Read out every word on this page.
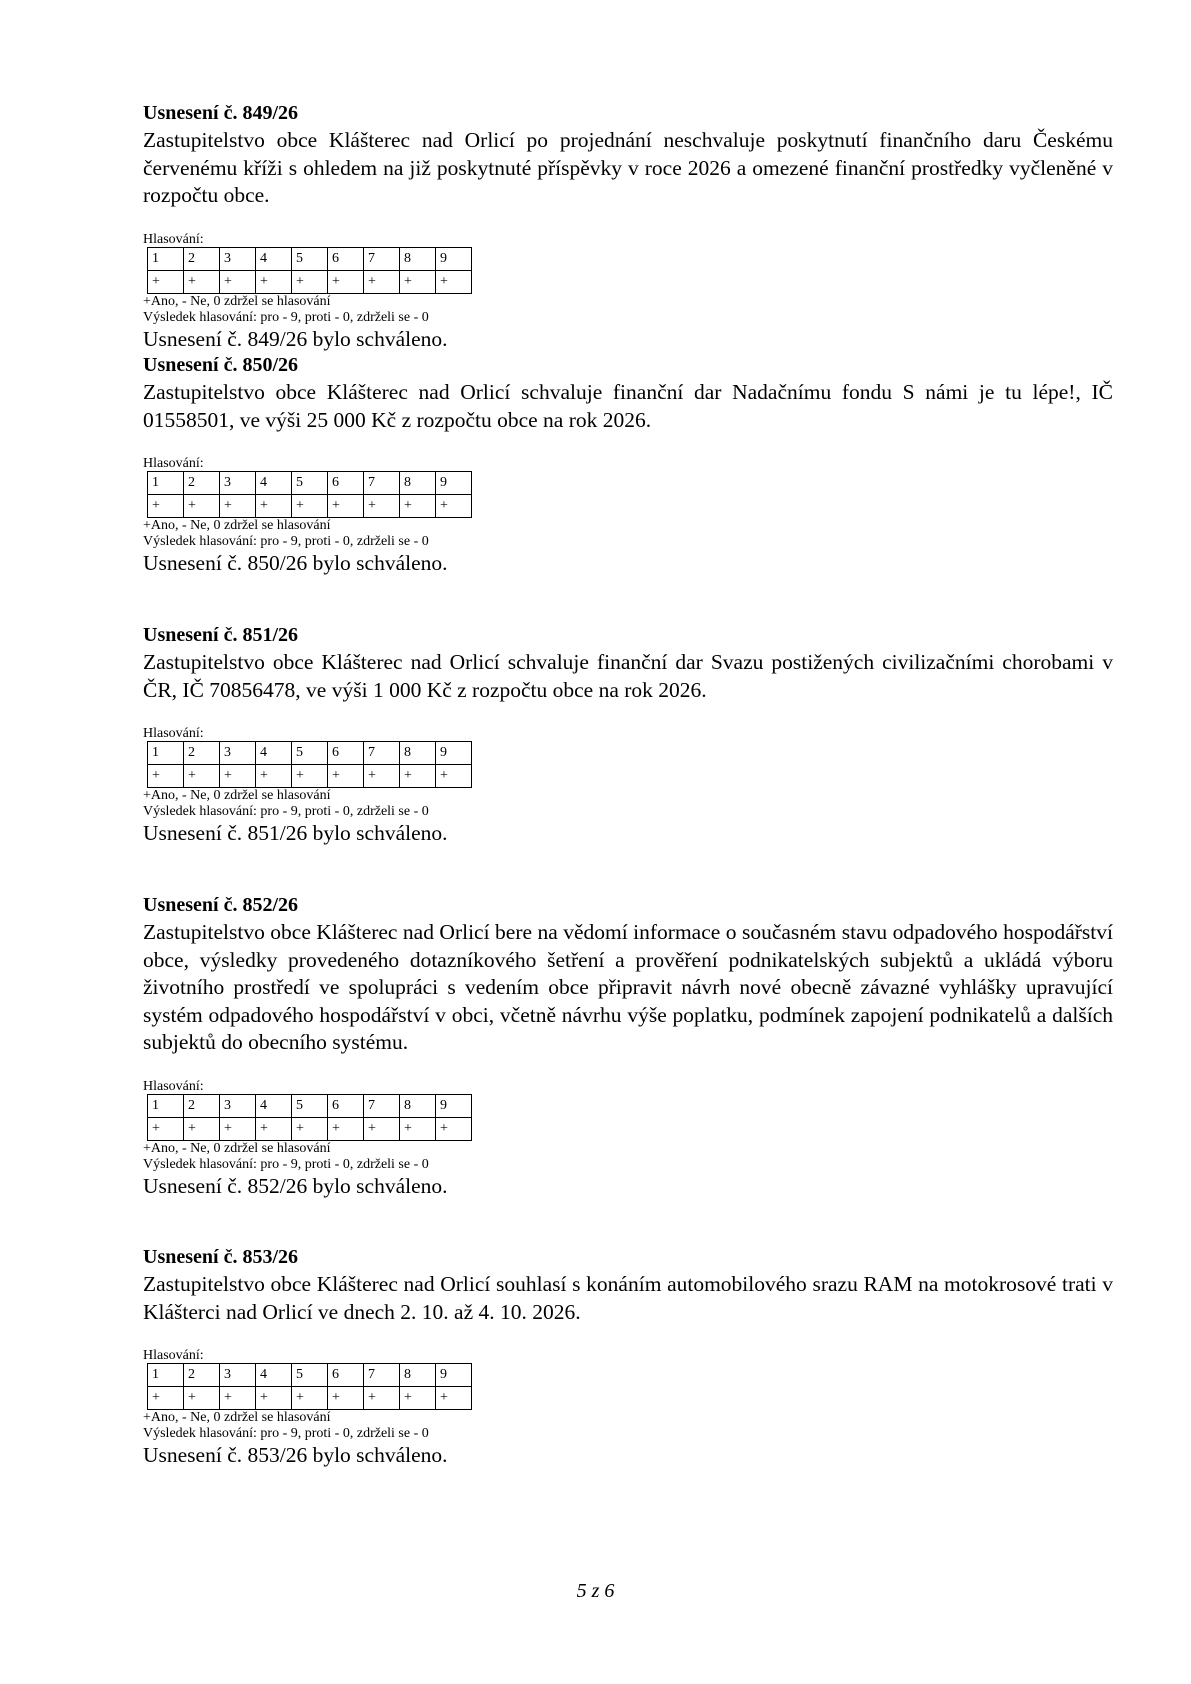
Usnesení č. 849/26

Zastupitelstvo obce Klášterec nad Orlicí po projednání neschvaluje poskytnutí finančního daru Českému červenému kříži s ohledem na již poskytnuté příspěvky v roce 2026 a omezené finanční prostředky vyčleněné v rozpočtu obce.

Hlasování:
1	2	3	4	5	6	7	8	9
+	+	+	+	+	+	+	+	+
+Ano, - Ne, 0 zdržel se hlasování
Výsledek hlasování: pro - 9, proti - 0, zdrželi se - 0
Usnesení č. 849/26 bylo schváleno.

Usnesení č. 850/26

Zastupitelstvo obce Klášterec nad Orlicí schvaluje finanční dar Nadačnímu fondu S námi je tu lépe!, IČ 01558501, ve výši 25 000 Kč z rozpočtu obce na rok 2026.

Hlasování:
1	2	3	4	5	6	7	8	9
+	+	+	+	+	+	+	+	+
+Ano, - Ne, 0 zdržel se hlasování
Výsledek hlasování: pro - 9, proti - 0, zdrželi se - 0
Usnesení č. 850/26 bylo schváleno.

Usnesení č. 851/26

Zastupitelstvo obce Klášterec nad Orlicí schvaluje finanční dar Svazu postižených civilizačními chorobami v ČR, IČ 70856478, ve výši 1 000 Kč z rozpočtu obce na rok 2026.

Hlasování:
1	2	3	4	5	6	7	8	9
+	+	+	+	+	+	+	+	+
+Ano, - Ne, 0 zdržel se hlasování
Výsledek hlasování: pro - 9, proti - 0, zdrželi se - 0
Usnesení č. 851/26 bylo schváleno.

Usnesení č. 852/26

Zastupitelstvo obce Klášterec nad Orlicí bere na vědomí informace o současném stavu odpadového hospodářství obce, výsledky provedeného dotazníkového šetření a prověření podnikatelských subjektů a ukládá výboru životního prostředí ve spolupráci s vedením obce připravit návrh nové obecně závazné vyhlášky upravující systém odpadového hospodářství v obci, včetně návrhu výše poplatku, podmínek zapojení podnikatelů a dalších subjektů do obecního systému.

Hlasování:
1	2	3	4	5	6	7	8	9
+	+	+	+	+	+	+	+	+
+Ano, - Ne, 0 zdržel se hlasování
Výsledek hlasování: pro - 9, proti - 0, zdrželi se - 0
Usnesení č. 852/26 bylo schváleno.

Usnesení č. 853/26

Zastupitelstvo obce Klášterec nad Orlicí souhlasí s konáním automobilového srazu RAM na motokrosové trati v Klášterci nad Orlicí ve dnech 2. 10. až 4. 10. 2026.

Hlasování:
1	2	3	4	5	6	7	8	9
+	+	+	+	+	+	+	+	+
+Ano, - Ne, 0 zdržel se hlasování
Výsledek hlasování: pro - 9, proti - 0, zdrželi se - 0
Usnesení č. 853/26 bylo schváleno.
5 z 6
